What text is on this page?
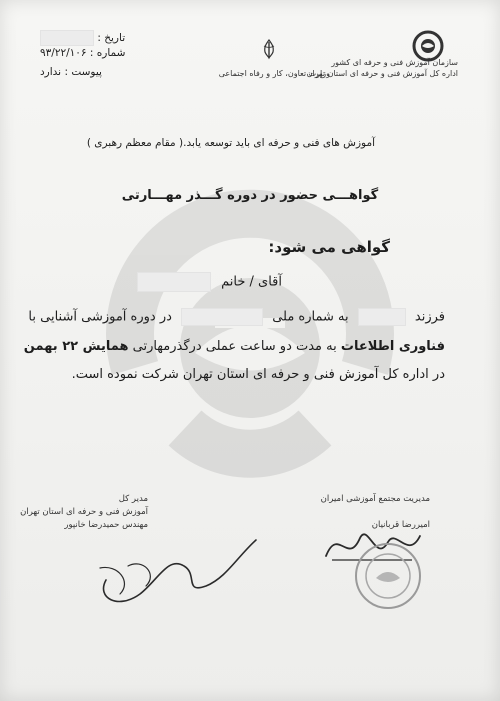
تاریخ :
شماره : ۹۳/۲۲/۱۰۶
پیوست : ندارد	وزارت تعاون، کار و رفاه اجتماعی
سازمان آموزش فنی و حرفه ای کشور
اداره کل آموزش فنی و حرفه ای استان تهران
آموزش های فنی و حرفه ای باید توسعه یابد.( مقام معظم رهبری )
گواهـــی حضور در دوره گـــذر مهـــارتی
گواهی می شود:
آقای / خانم
فرزند  به شماره ملی  در دوره آموزشی آشنایی با
فناوری اطلاعات به مدت دو ساعت عملی درگذرمهارتی همایش ۲۲ بهمن
در اداره کل آموزش فنی و حرفه ای استان تهران شرکت نموده است.
مدیر کل
آموزش فنی و حرفه ای استان تهران
مهندس حمیدرضا خانپور
مدیریت مجتمع آموزشی امیران
امیررضا قربانیان
